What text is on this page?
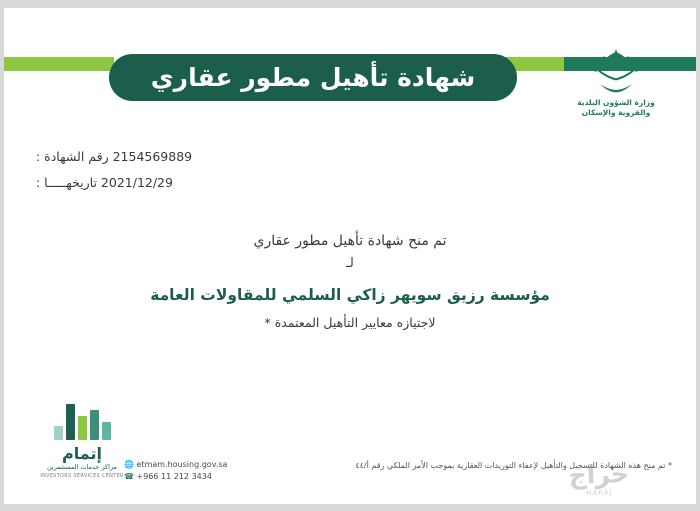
شهادة تأهيل مطور عقاري
وزارة الشؤون البلدية
والقروية والإسكان
2154569889 رقم الشهادة :
2021/12/29 تاريخهـــــا :
تم منح شهادة تأهيل مطور عقاري
لـ
مؤسسة رزيق سويهر زاكي السلمي للمقاولات العامة
لاجتيازه معايير التأهيل المعتمدة *
إتمام
مراكز خدمات المستثمرين
INVESTORS SERVICES CENTER
🌐 etmam.housing.gov.sa
☎ +966 11 212 3434
* تم منح هذه الشهادة للتسجيل والتأهيل لإعفاء التوريدات العقارية بموجب الأمر الملكي رقم أ/٤٤
حراج
HARAJ
